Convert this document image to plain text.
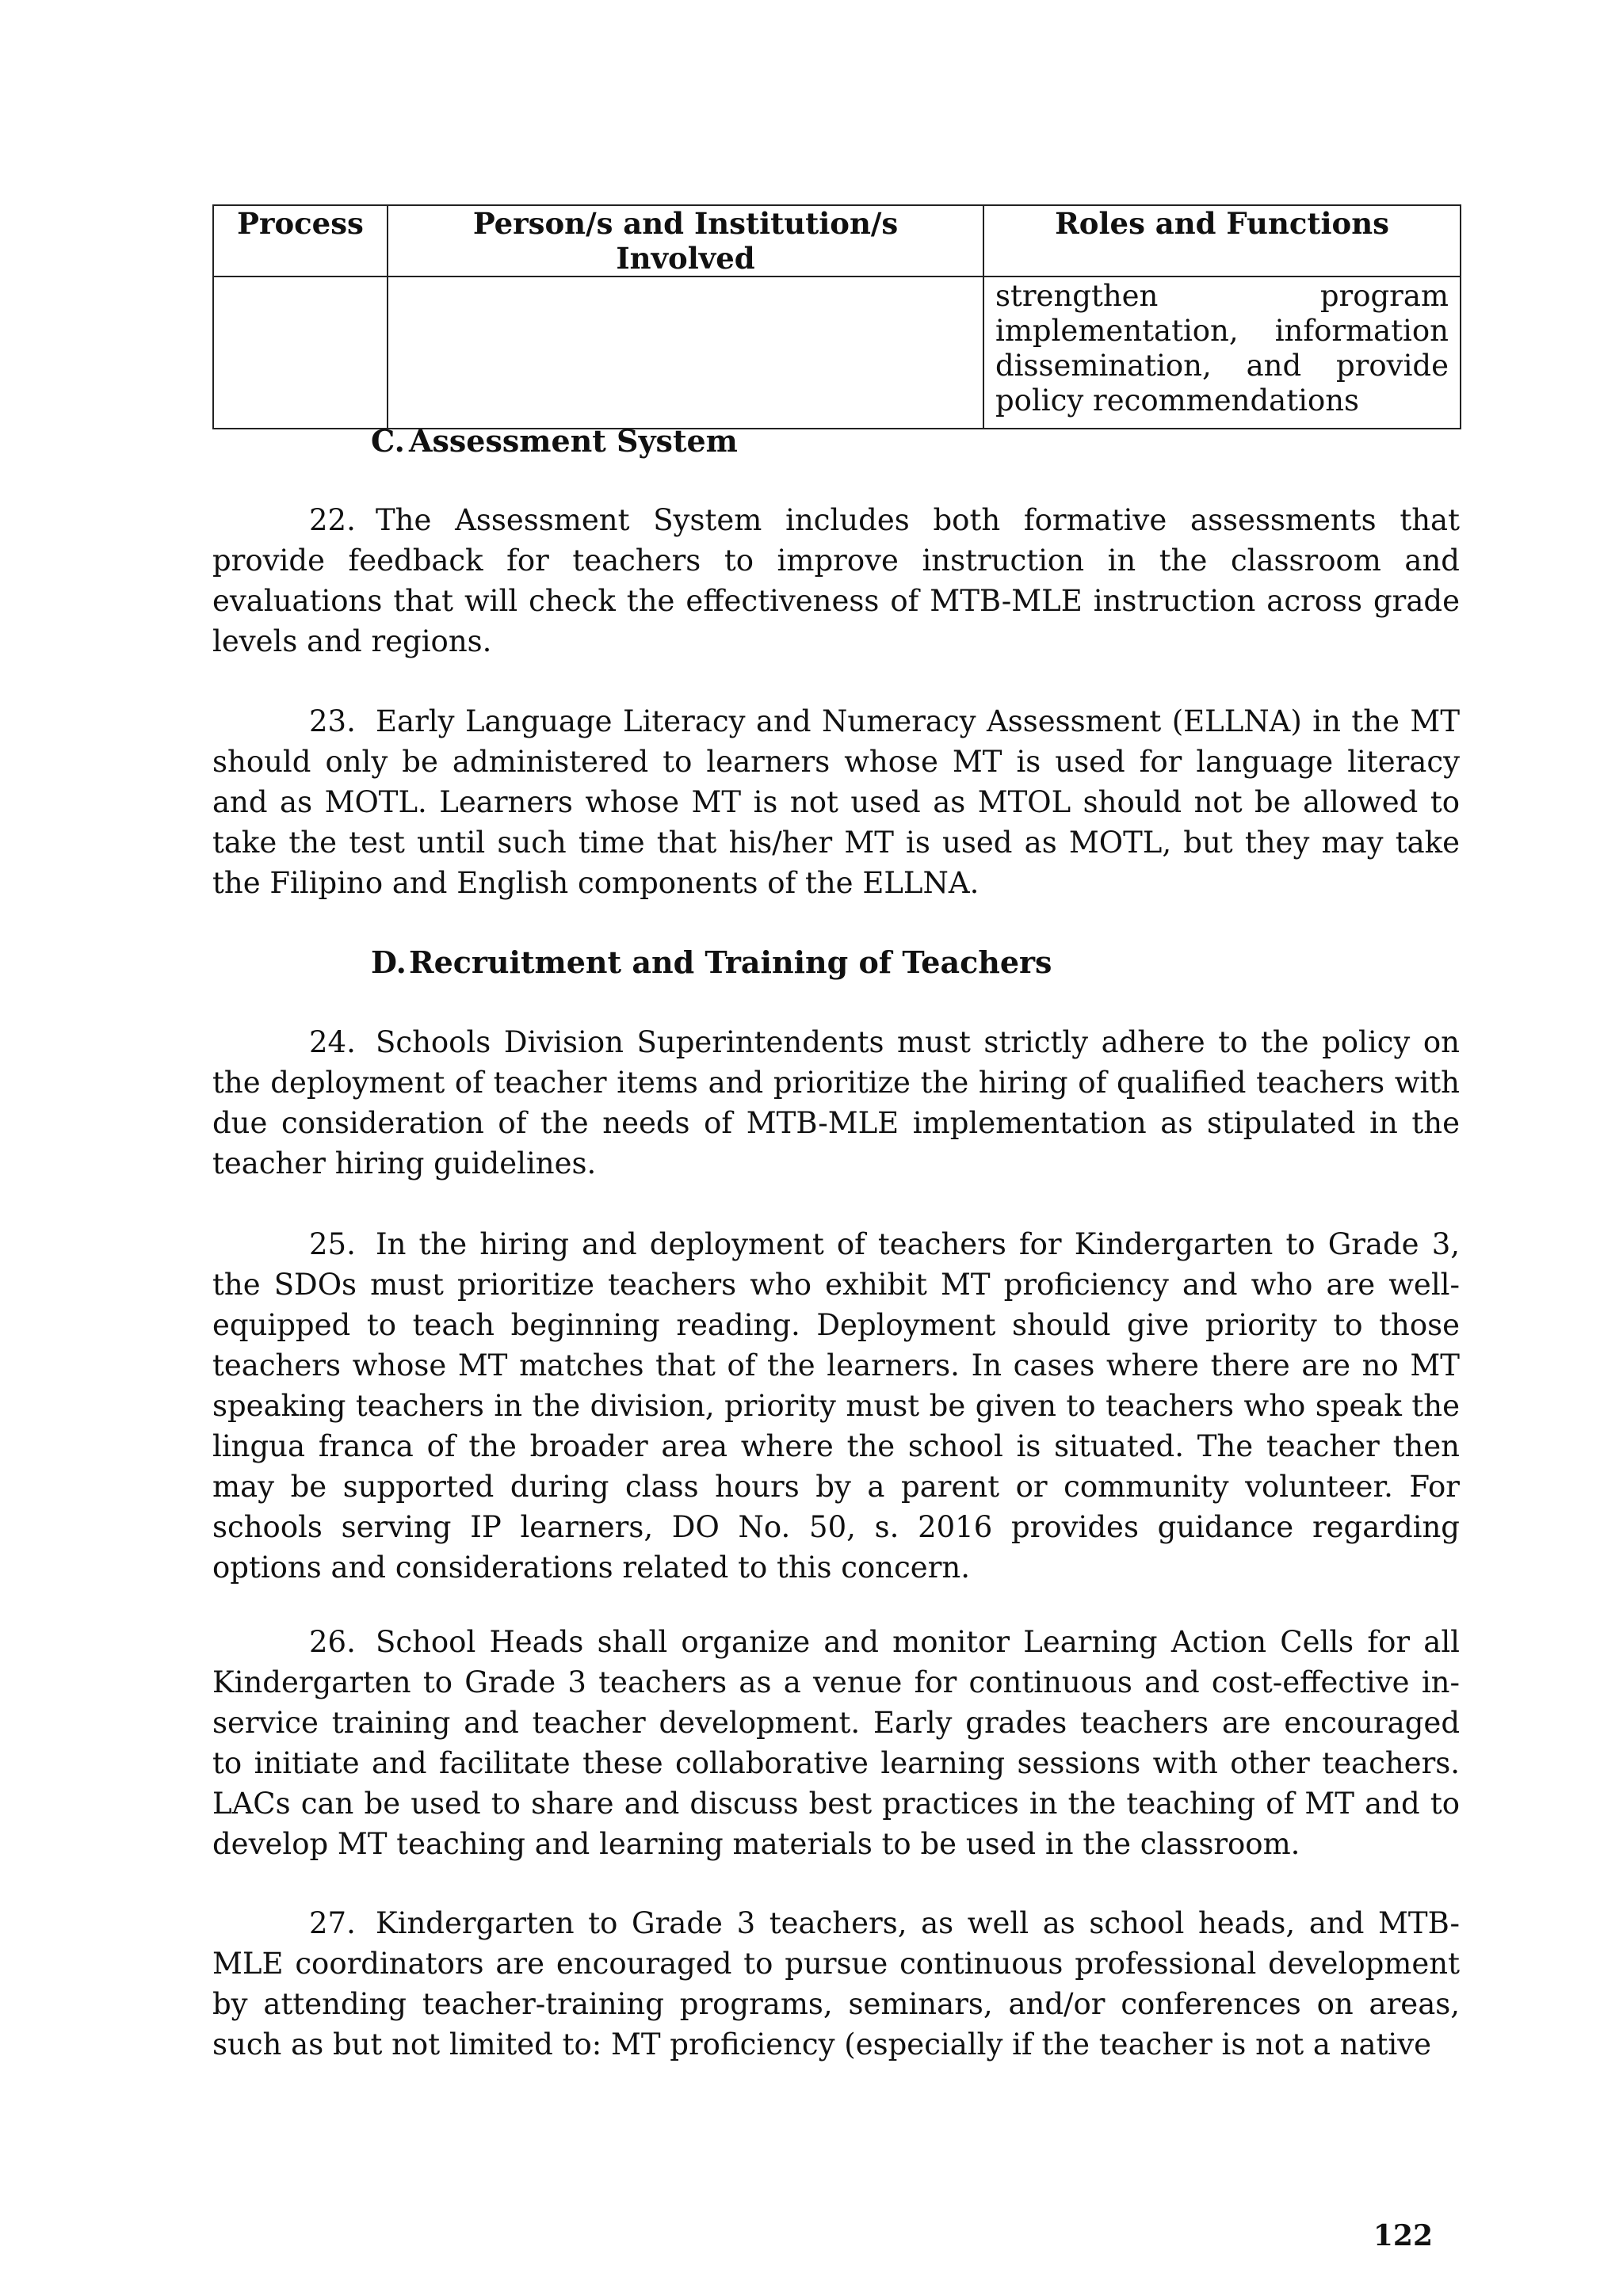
Process	Person/s and Institution/s Involved	Roles and Functions
		strengthen program implementation, information dissemination, and provide policy recommendations
C. Assessment System

22. The Assessment System includes both formative assessments that provide feedback for teachers to improve instruction in the classroom and evaluations that will check the effectiveness of MTB-MLE instruction across grade levels and regions.

23. Early Language Literacy and Numeracy Assessment (ELLNA) in the MT should only be administered to learners whose MT is used for language literacy and as MOTL. Learners whose MT is not used as MTOL should not be allowed to take the test until such time that his/her MT is used as MOTL, but they may take the Filipino and English components of the ELLNA.

D.Recruitment and Training of Teachers

24. Schools Division Superintendents must strictly adhere to the policy on the deployment of teacher items and prioritize the hiring of qualified teachers with due consideration of the needs of MTB-MLE implementation as stipulated in the teacher hiring guidelines.

25. In the hiring and deployment of teachers for Kindergarten to Grade 3, the SDOs must prioritize teachers who exhibit MT proficiency and who are well-equipped to teach beginning reading. Deployment should give priority to those teachers whose MT matches that of the learners. In cases where there are no MT speaking teachers in the division, priority must be given to teachers who speak the lingua franca of the broader area where the school is situated. The teacher then may be supported during class hours by a parent or community volunteer. For schools serving IP learners, DO No. 50, s. 2016 provides guidance regarding options and considerations related to this concern.

26. School Heads shall organize and monitor Learning Action Cells for all Kindergarten to Grade 3 teachers as a venue for continuous and cost-effective in-service training and teacher development. Early grades teachers are encouraged to initiate and facilitate these collaborative learning sessions with other teachers. LACs can be used to share and discuss best practices in the teaching of MT and to develop MT teaching and learning materials to be used in the classroom.

27. Kindergarten to Grade 3 teachers, as well as school heads, and MTB-MLE coordinators are encouraged to pursue continuous professional development by attending teacher-training programs, seminars, and/or conferences on areas, such as but not limited to: MT proficiency (especially if the teacher is not a native

122
